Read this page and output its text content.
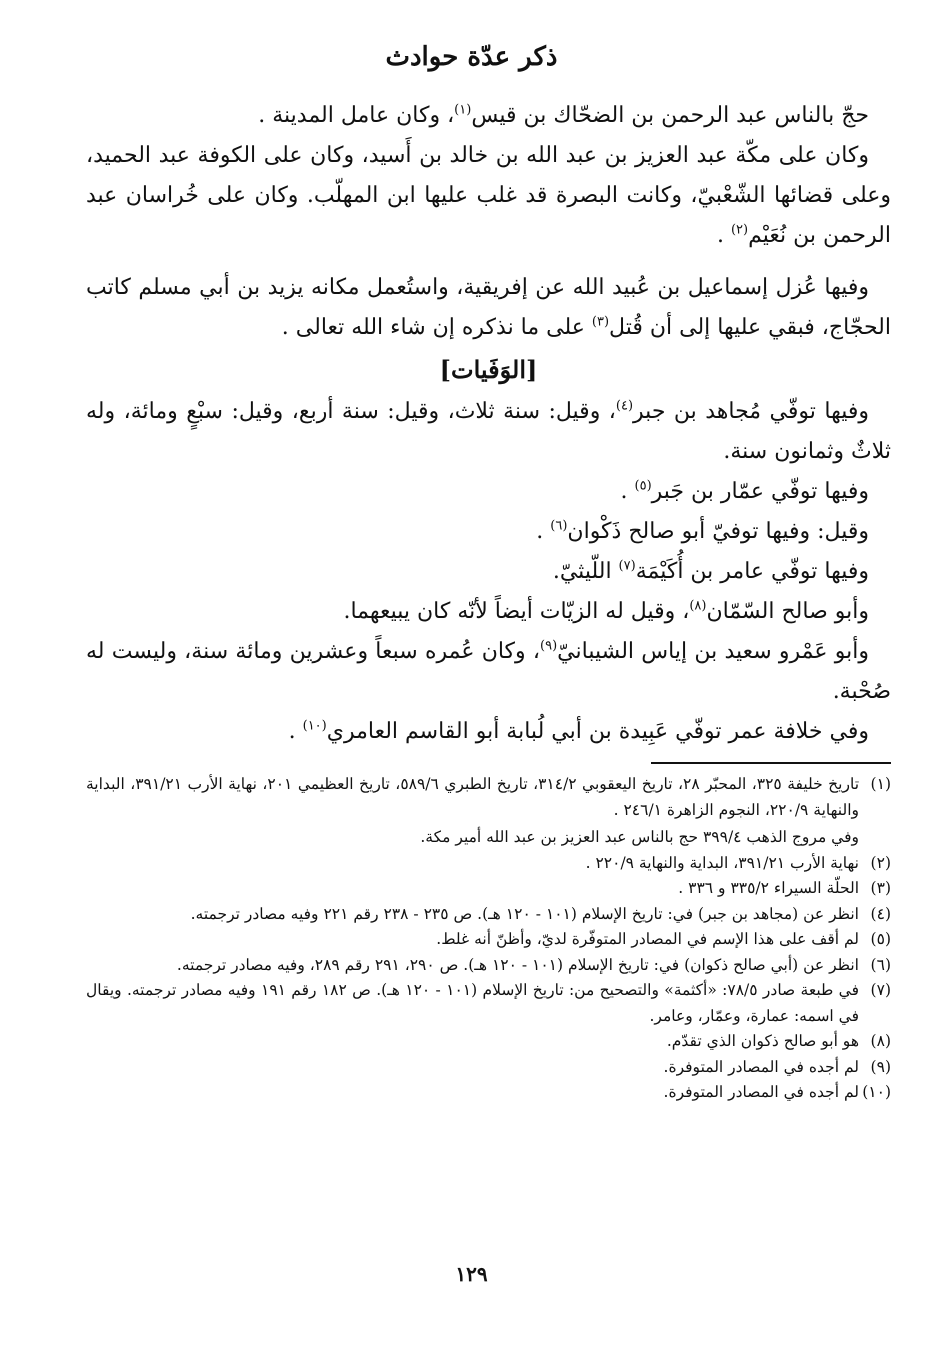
ذكر عدّة حوادث

حجّ بالناس عبد الرحمن بن الضحّاك بن قيس$^{(١)}$، وكان عامل المدينة .

وكان على مكّة عبد العزيز بن عبد الله بن خالد بن أَسيد، وكان على الكوفة عبد الحميد، وعلى قضائها الشّعْبيّ، وكانت البصرة قد غلب عليها ابن المهلّب. وكان على خُراسان عبد الرحمن بن نُعَيْم$^{(٢)}$ .

وفيها عُزل إسماعيل بن عُبيد الله عن إفريقية، واستُعمل مكانه يزيد بن أبي مسلم كاتب الحجّاج، فبقي عليها إلى أن قُتل$^{(٣)}$ على ما نذكره إن شاء الله تعالى .

[الوَفَيات]

وفيها توفّي مُجاهد بن جبر$^{(٤)}$، وقيل: سنة ثلاث، وقيل: سنة أربع، وقيل: سبْعٍ ومائة، وله ثلاثٌ وثمانون سنة.

وفيها توفّي عمّار بن جَبر$^{(٥)}$ .

وقيل: وفيها توفيّ أبو صالح ذَكْوان$^{(٦)}$ .

وفيها توفّي عامر بن أُكَيْمَة$^{(٧)}$ اللّيثيّ.

وأبو صالح السّمّان$^{(٨)}$، وقيل له الزيّات أيضاً لأنّه كان يبيعهما.

وأبو عَمْرو سعيد بن إياس الشيبانيّ$^{(٩)}$، وكان عُمره سبعاً وعشرين ومائة سنة، وليست له صُحْبة.

وفي خلافة عمر توفّي عَبِيدة بن أبي لُبابة أبو القاسم العامري$^{(١٠)}$ .

(١)
تاريخ خليفة ٣٢٥، المحبّر ٢٨، تاريخ اليعقوبي ٣١٤/٢، تاريخ الطبري ٥٨٩/٦، تاريخ العظيمي ٢٠١، نهاية الأرب ٣٩١/٢١، البداية والنهاية ٢٢٠/٩، النجوم الزاهرة ٢٤٦/١ .

وفي مروج الذهب ٣٩٩/٤ حج بالناس عبد العزيز بن عبد الله أمير مكة.

(٢)
نهاية الأرب ٣٩١/٢١، البداية والنهاية ٢٢٠/٩ .

(٣)
الحلّة السيراء ٣٣٥/٢ و ٣٣٦ .

(٤)
انظر عن (مجاهد بن جبر) في: تاريخ الإسلام (١٠١ - ١٢٠ هـ). ص ٢٣٥ - ٢٣٨ رقم ٢٢١ وفيه مصادر ترجمته.

(٥)
لم أقف على هذا الإسم في المصادر المتوفّرة لديّ، وأظنّ أنه غلط.

(٦)
انظر عن (أبي صالح ذكوان) في: تاريخ الإسلام (١٠١ - ١٢٠ هـ). ص ٢٩٠، ٢٩١ رقم ٢٨٩، وفيه مصادر ترجمته.

(٧)
في طبعة صادر ٧٨/٥: «أكثمة» والتصحيح من: تاريخ الإسلام (١٠١ - ١٢٠ هـ). ص ١٨٢ رقم ١٩١ وفيه مصادر ترجمته. ويقال في اسمه: عمارة، وعمّار، وعامر.

(٨)
هو أبو صالح ذكوان الذي تقدّم.

(٩)
لم أجده في المصادر المتوفرة.

(١٠)
لم أجده في المصادر المتوفرة.

١٢٩
